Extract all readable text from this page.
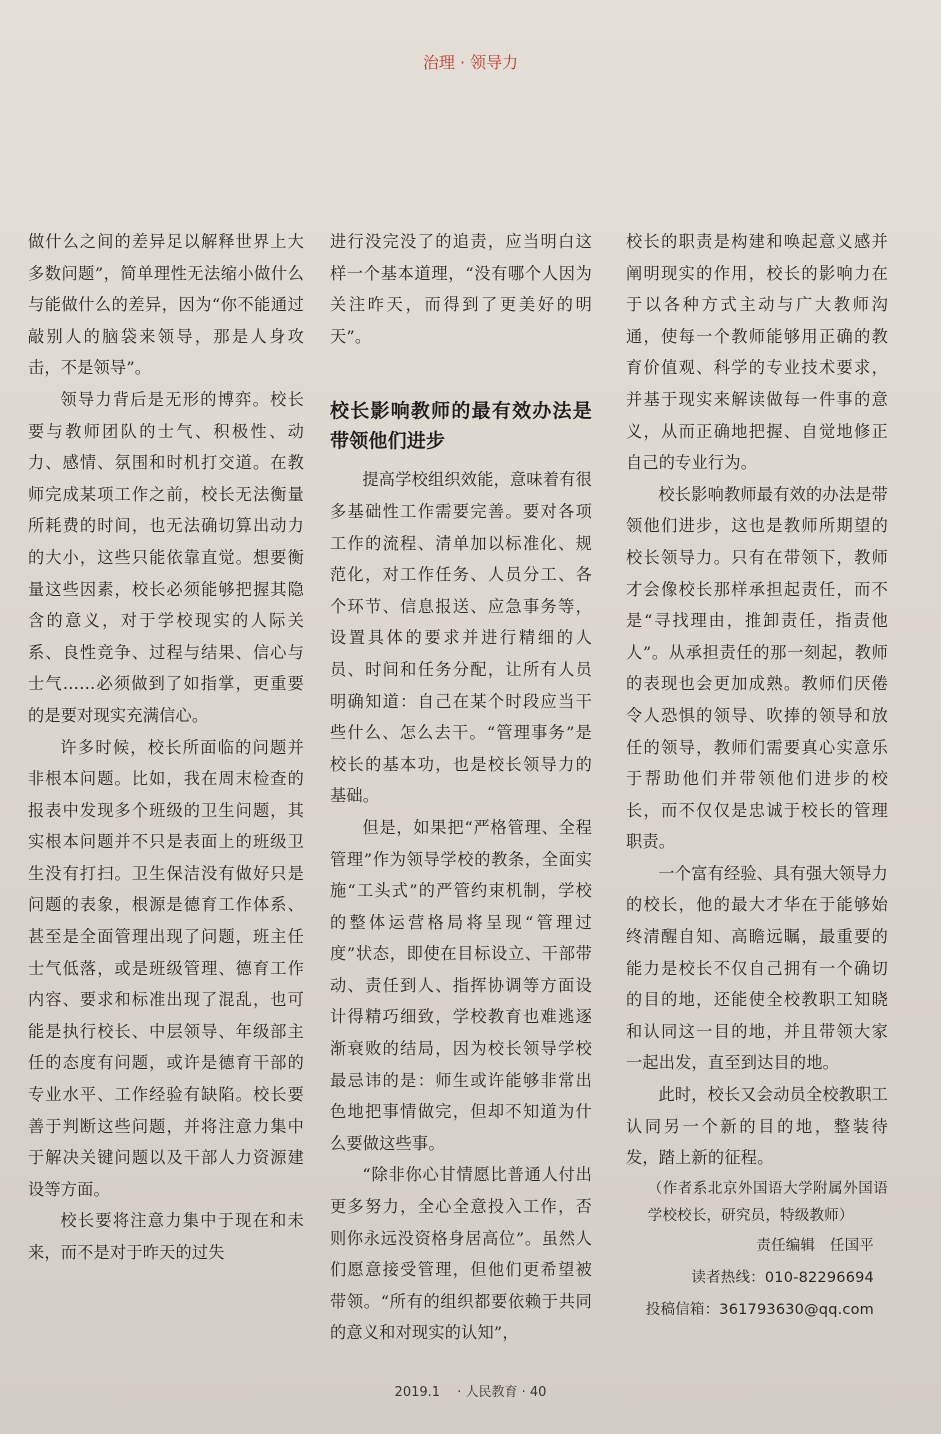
治理 · 领导力

做什么之间的差异足以解释世界上大多数问题”，简单理性无法缩小做什么与能做什么的差异，因为“你不能通过敲别人的脑袋来领导，那是人身攻击，不是领导”。

领导力背后是无形的博弈。校长要与教师团队的士气、积极性、动力、感情、氛围和时机打交道。在教师完成某项工作之前，校长无法衡量所耗费的时间，也无法确切算出动力的大小，这些只能依靠直觉。想要衡量这些因素，校长必须能够把握其隐含的意义，对于学校现实的人际关系、良性竞争、过程与结果、信心与士气……必须做到了如指掌，更重要的是要对现实充满信心。

许多时候，校长所面临的问题并非根本问题。比如，我在周末检查的报表中发现多个班级的卫生问题，其实根本问题并不只是表面上的班级卫生没有打扫。卫生保洁没有做好只是问题的表象，根源是德育工作体系、甚至是全面管理出现了问题，班主任士气低落，或是班级管理、德育工作内容、要求和标准出现了混乱，也可能是执行校长、中层领导、年级部主任的态度有问题，或许是德育干部的专业水平、工作经验有缺陷。校长要善于判断这些问题，并将注意力集中于解决关键问题以及干部人力资源建设等方面。

校长要将注意力集中于现在和未来，而不是对于昨天的过失

进行没完没了的追责，应当明白这样一个基本道理，“没有哪个人因为关注昨天，而得到了更美好的明天”。

校长影响教师的最有效办法是带领他们进步

提高学校组织效能，意味着有很多基础性工作需要完善。要对各项工作的流程、清单加以标准化、规范化，对工作任务、人员分工、各个环节、信息报送、应急事务等，设置具体的要求并进行精细的人员、时间和任务分配，让所有人员明确知道：自己在某个时段应当干些什么、怎么去干。“管理事务”是校长的基本功，也是校长领导力的基础。

但是，如果把“严格管理、全程管理”作为领导学校的教条，全面实施“工头式”的严管约束机制，学校的整体运营格局将呈现“管理过度”状态，即使在目标设立、干部带动、责任到人、指挥协调等方面设计得精巧细致，学校教育也难逃逐渐衰败的结局，因为校长领导学校最忌讳的是：师生或许能够非常出色地把事情做完，但却不知道为什么要做这些事。

“除非你心甘情愿比普通人付出更多努力，全心全意投入工作，否则你永远没资格身居高位”。虽然人们愿意接受管理，但他们更希望被带领。“所有的组织都要依赖于共同的意义和对现实的认知”，

校长的职责是构建和唤起意义感并阐明现实的作用，校长的影响力在于以各种方式主动与广大教师沟通，使每一个教师能够用正确的教育价值观、科学的专业技术要求，并基于现实来解读做每一件事的意义，从而正确地把握、自觉地修正自己的专业行为。

校长影响教师最有效的办法是带领他们进步，这也是教师所期望的校长领导力。只有在带领下，教师才会像校长那样承担起责任，而不是“寻找理由，推卸责任，指责他人”。从承担责任的那一刻起，教师的表现也会更加成熟。教师们厌倦令人恐惧的领导、吹捧的领导和放任的领导，教师们需要真心实意乐于帮助他们并带领他们进步的校长，而不仅仅是忠诚于校长的管理职责。

一个富有经验、具有强大领导力的校长，他的最大才华在于能够始终清醒自知、高瞻远瞩，最重要的能力是校长不仅自己拥有一个确切的目的地，还能使全校教职工知晓和认同这一目的地，并且带领大家一起出发，直至到达目的地。

此时，校长又会动员全校教职工认同另一个新的目的地，整装待发，踏上新的征程。

（作者系北京外国语大学附属外国语学校校长，研究员，特级教师）

责任编辑　任国平

读者热线：010-82296694

投稿信箱：361793630@qq.com

2019.1 　· 人民教育 · 40
